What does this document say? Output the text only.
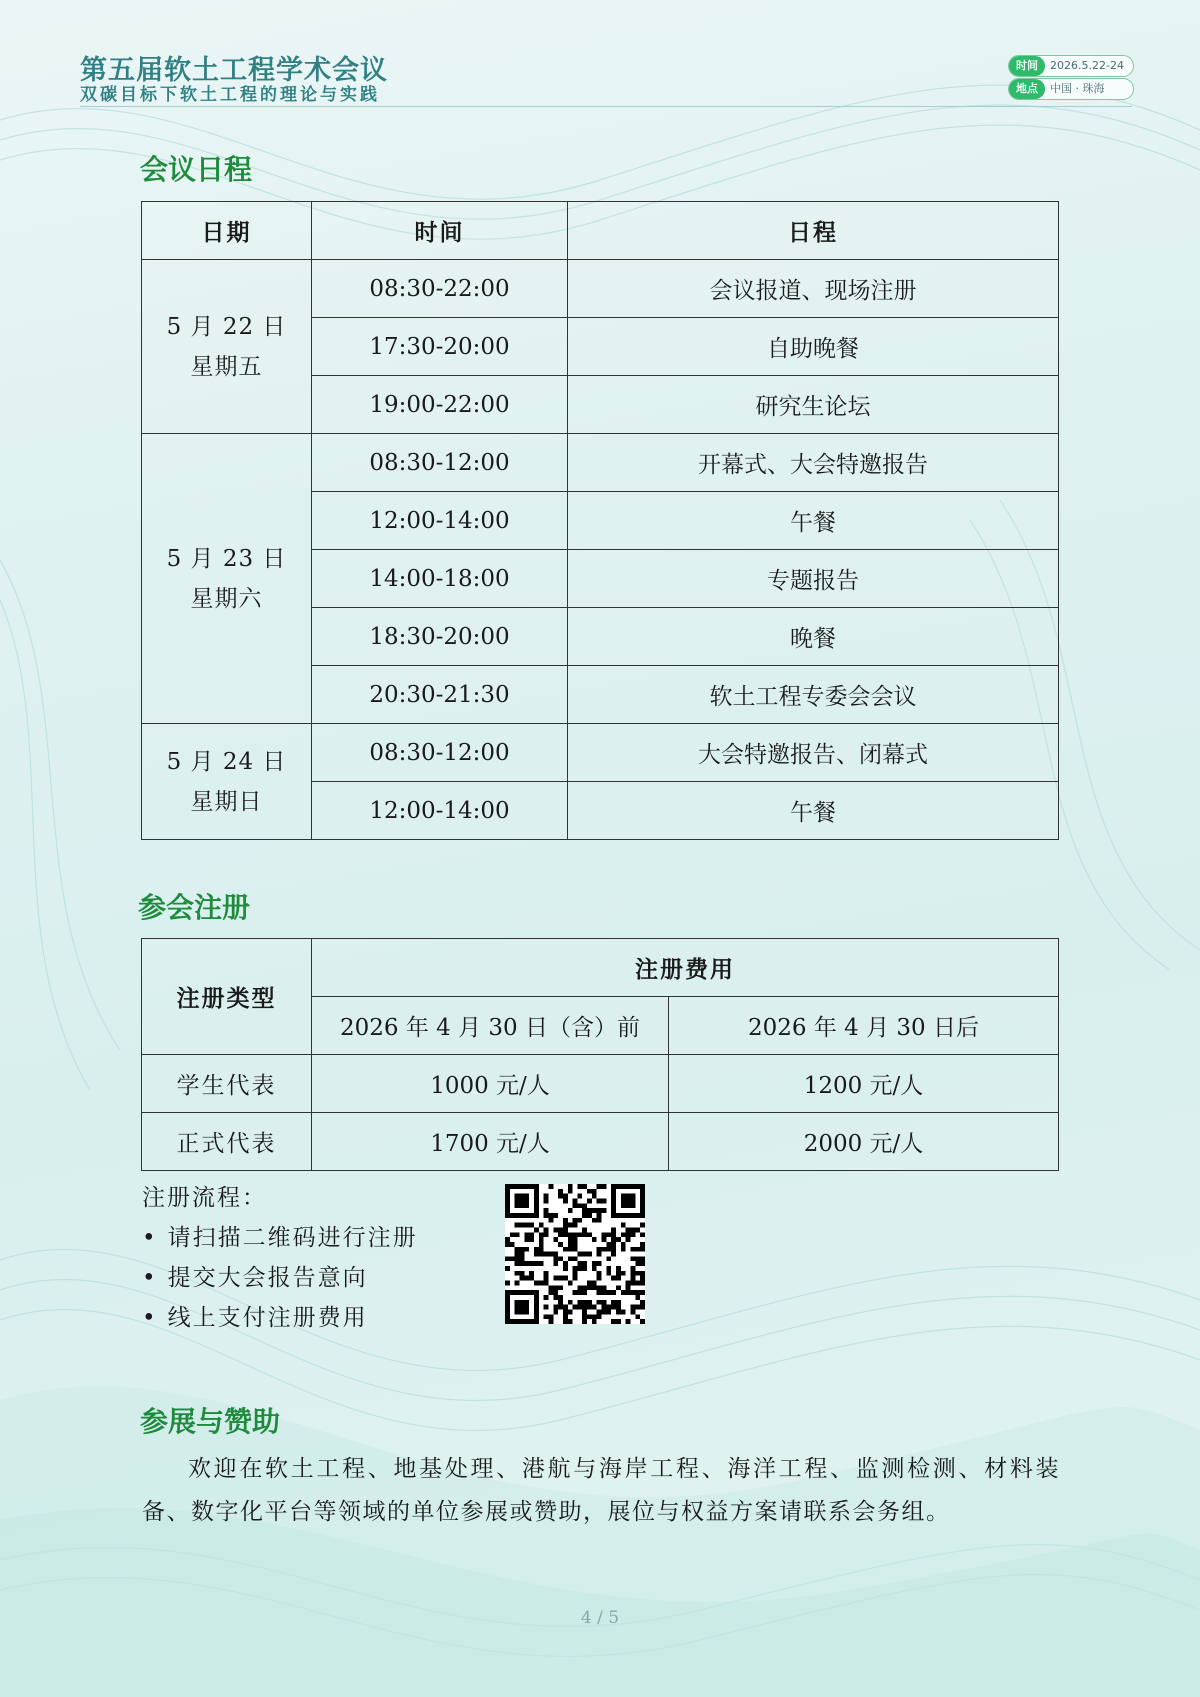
第五届软土工程学术会议
双碳目标下软土工程的理论与实践
时间 2026.5.22-24
地点 中国 · 珠海
会议日程
日期	时间	日程

5 月 22 日
星期五	08:30-22:00	会议报道、现场注册
	17:30-20:00	自助晚餐
	19:00-22:00	研究生论坛

5 月 23 日
星期六	08:30-12:00	开幕式、大会特邀报告
	12:00-14:00	午餐
	14:00-18:00	专题报告
	18:30-20:00	晚餐
	20:30-21:30	软土工程专委会会议

5 月 24 日
星期日	08:30-12:00	大会特邀报告、闭幕式
	12:00-14:00	午餐
参会注册
注册类型	注册费用	
	2026 年 4 月 30 日（含）前	2026 年 4 月 30 日后
学生代表	1000 元/人	1200 元/人
正式代表	1700 元/人	2000 元/人
注册流程：
• 请扫描二维码进行注册
• 提交大会报告意向
• 线上支付注册费用
参展与赞助
欢迎在软土工程、地基处理、港航与海岸工程、海洋工程、监测检测、材料装备、数字化平台等领域的单位参展或赞助，展位与权益方案请联系会务组。
4 / 5
